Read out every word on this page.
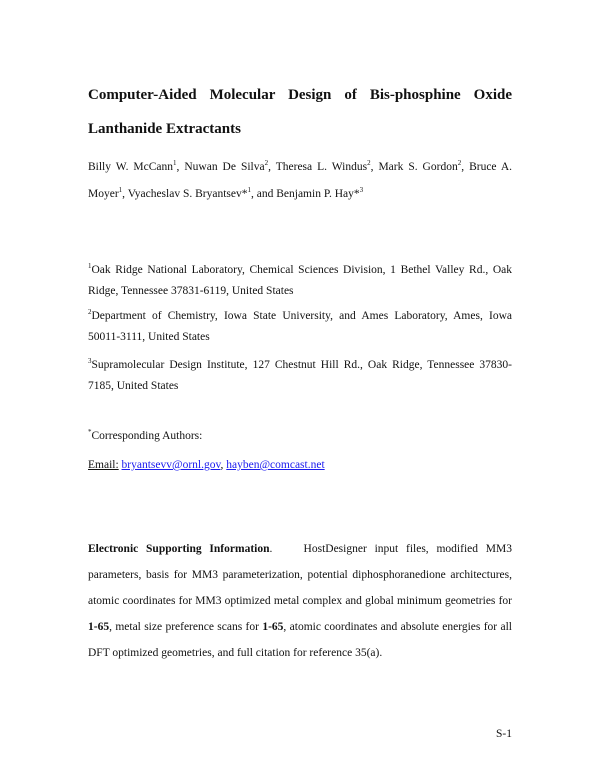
Computer-Aided Molecular Design of Bis-phosphine Oxide
Lanthanide Extractants

Billy W. McCann$^1$, Nuwan De Silva$^2$, Theresa L. Windus$^2$, Mark S. Gordon$^2$, Bruce A. Moyer$^1$, Vyacheslav S. Bryantsev*$^1$, and Benjamin P. Hay*$^3$

$^1$Oak Ridge National Laboratory, Chemical Sciences Division, 1 Bethel Valley Rd., Oak Ridge, Tennessee 37831-6119, United States

$^2$Department of Chemistry, Iowa State University, and Ames Laboratory, Ames, Iowa 50011-3111, United States

$^3$Supramolecular Design Institute, 127 Chestnut Hill Rd., Oak Ridge, Tennessee 37830-7185, United States

*Corresponding Authors:

Email: bryantsevv@ornl.gov, hayben@comcast.net

Electronic Supporting Information.	HostDesigner input files, modified MM3 parameters, basis for MM3 parameterization, potential diphosphoranedione architectures, atomic coordinates for MM3 optimized metal complex and global minimum geometries for 1-65, metal size preference scans for 1-65, atomic coordinates and absolute energies for all DFT optimized geometries, and full citation for reference 35(a).

S-1
